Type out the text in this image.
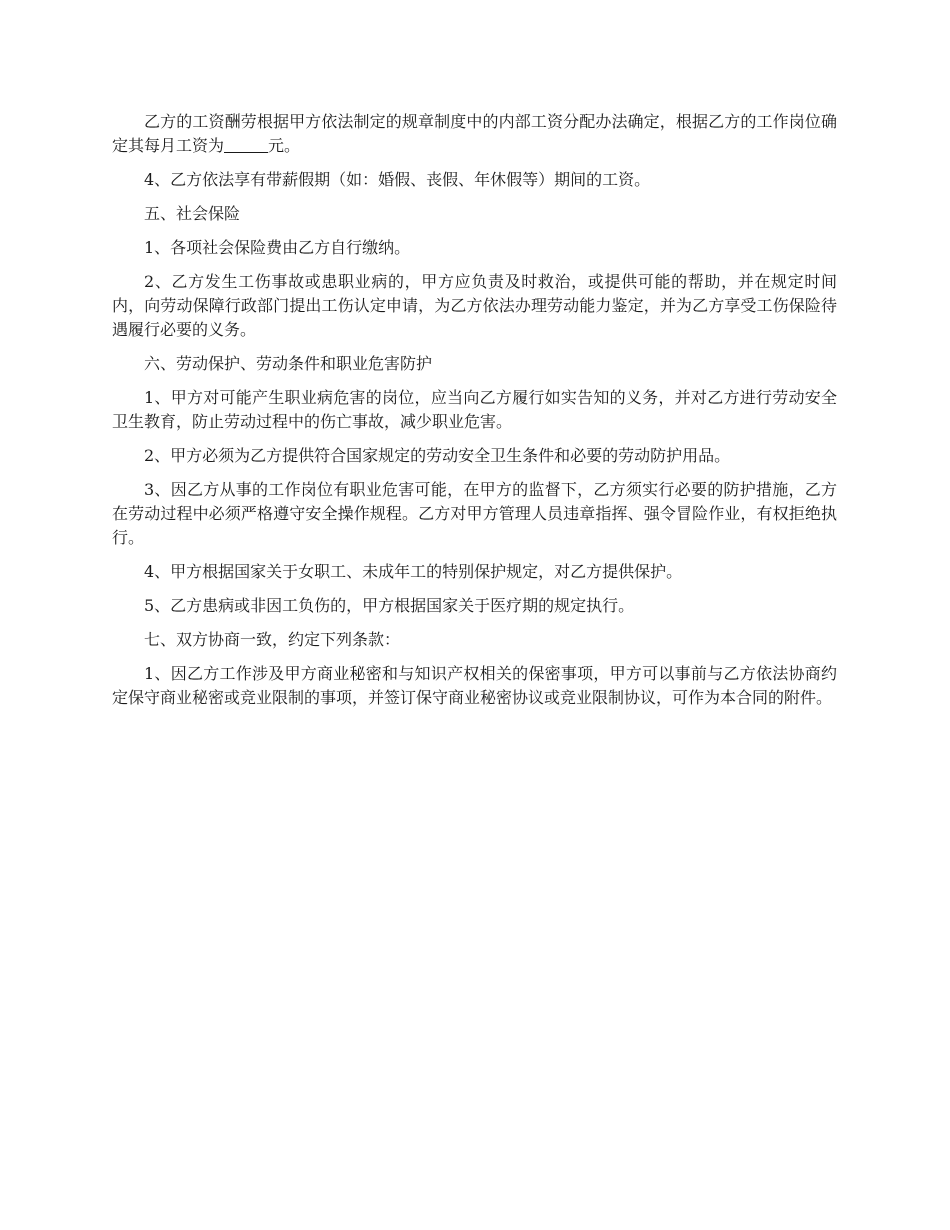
乙方的工资酬劳根据甲方依法制定的规章制度中的内部工资分配办法确定，根据乙方的工作岗位确定其每月工资为	元。

4、乙方依法享有带薪假期（如：婚假、丧假、年休假等）期间的工资。

五、社会保险

1、各项社会保险费由乙方自行缴纳。

2、乙方发生工伤事故或患职业病的，甲方应负责及时救治，或提供可能的帮助，并在规定时间内，向劳动保障行政部门提出工伤认定申请，为乙方依法办理劳动能力鉴定，并为乙方享受工伤保险待遇履行必要的义务。

六、劳动保护、劳动条件和职业危害防护

1、甲方对可能产生职业病危害的岗位，应当向乙方履行如实告知的义务，并对乙方进行劳动安全卫生教育，防止劳动过程中的伤亡事故，减少职业危害。

2、甲方必须为乙方提供符合国家规定的劳动安全卫生条件和必要的劳动防护用品。

3、因乙方从事的工作岗位有职业危害可能，在甲方的监督下，乙方须实行必要的防护措施，乙方在劳动过程中必须严格遵守安全操作规程。乙方对甲方管理人员违章指挥、强令冒险作业，有权拒绝执行。

4、甲方根据国家关于女职工、未成年工的特别保护规定，对乙方提供保护。

5、乙方患病或非因工负伤的，甲方根据国家关于医疗期的规定执行。

七、双方协商一致，约定下列条款：

1、因乙方工作涉及甲方商业秘密和与知识产权相关的保密事项，甲方可以事前与乙方依法协商约定保守商业秘密或竞业限制的事项，并签订保守商业秘密协议或竞业限制协议，可作为本合同的附件。
